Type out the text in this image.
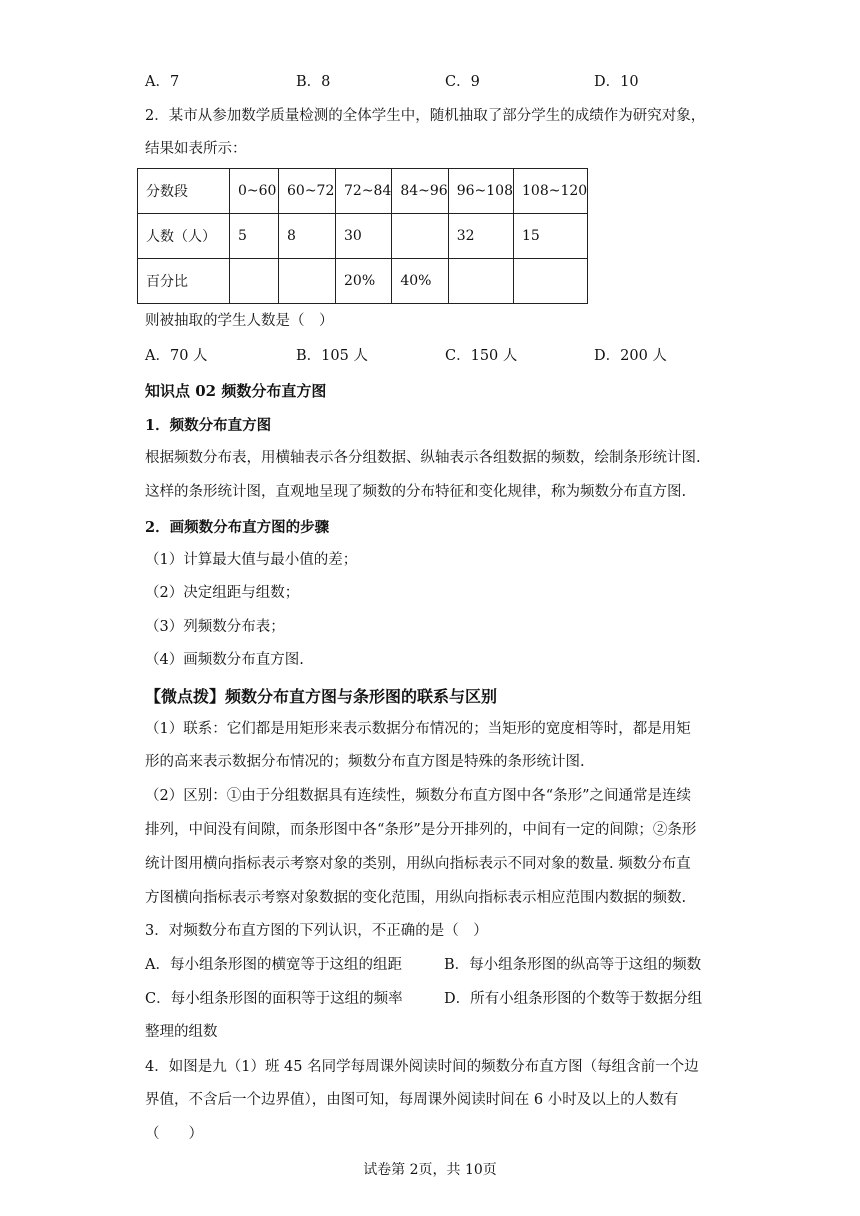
A．7	B．8	C．9	D．10
2．某市从参加数学质量检测的全体学生中，随机抽取了部分学生的成绩作为研究对象，
结果如表所示：
分数段	0~60	60~72	72~84	84~96	96~108	108~120
人数（人）	5	8	30		32	15
百分比			20%	40%		
则被抽取的学生人数是（　）
A．70 人	B．105 人	C．150 人	D．200 人
知识点 02 频数分布直方图
1．频数分布直方图
根据频数分布表，用横轴表示各分组数据、纵轴表示各组数据的频数，绘制条形统计图.
这样的条形统计图，直观地呈现了频数的分布特征和变化规律，称为频数分布直方图.
2．画频数分布直方图的步骤
（1）计算最大值与最小值的差；
（2）决定组距与组数；
（3）列频数分布表；
（4）画频数分布直方图.
【微点拨】频数分布直方图与条形图的联系与区别
（1）联系：它们都是用矩形来表示数据分布情况的；当矩形的宽度相等时，都是用矩
形的高来表示数据分布情况的；频数分布直方图是特殊的条形统计图.
（2）区别：①由于分组数据具有连续性，频数分布直方图中各“条形”之间通常是连续
排列，中间没有间隙，而条形图中各“条形”是分开排列的，中间有一定的间隙；②条形
统计图用横向指标表示考察对象的类别，用纵向指标表示不同对象的数量. 频数分布直
方图横向指标表示考察对象数据的变化范围，用纵向指标表示相应范围内数据的频数.
3．对频数分布直方图的下列认识，不正确的是（　）
A．每小组条形图的横宽等于这组的组距	B．每小组条形图的纵高等于这组的频数
C．每小组条形图的面积等于这组的频率	D．所有小组条形图的个数等于数据分组
整理的组数
4．如图是九（1）班 45 名同学每周课外阅读时间的频数分布直方图（每组含前一个边
界值，不含后一个边界值），由图可知，每周课外阅读时间在 6 小时及以上的人数有
（　　）
试卷第 2页，共 10页
